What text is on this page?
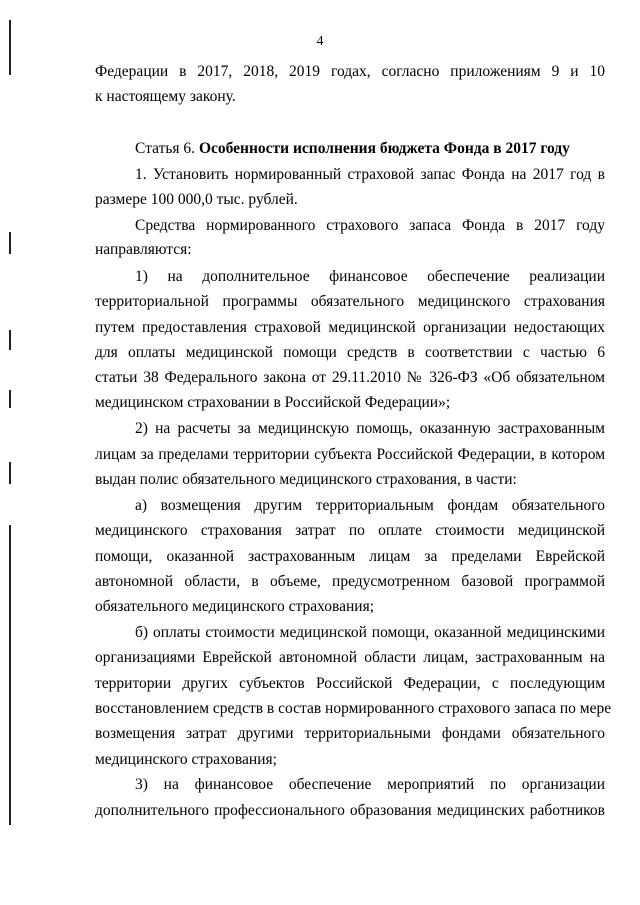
4
Федерации в 2017, 2018, 2019 годах, согласно приложениям 9 и 10
к настоящему закону.
Статья 6. Особенности исполнения бюджета Фонда в 2017 году
1. Установить нормированный страховой запас Фонда на 2017 год в
размере 100 000,0 тыс. рублей.
Средства нормированного страхового запаса Фонда в 2017 году
направляются:
1) на дополнительное финансовое обеспечение реализации
территориальной программы обязательного медицинского страхования
путем предоставления страховой медицинской организации недостающих
для оплаты медицинской помощи средств в соответствии с частью 6
статьи 38 Федерального закона от 29.11.2010 № 326-ФЗ «Об обязательном
медицинском страховании в Российской Федерации»;
2) на расчеты за медицинскую помощь, оказанную застрахованным
лицам за пределами территории субъекта Российской Федерации, в котором
выдан полис обязательного медицинского страхования, в части:
а) возмещения другим территориальным фондам обязательного
медицинского страхования затрат по оплате стоимости медицинской
помощи, оказанной застрахованным лицам за пределами Еврейской
автономной области, в объеме, предусмотренном базовой программой
обязательного медицинского страхования;
б) оплаты стоимости медицинской помощи, оказанной медицинскими
организациями Еврейской автономной области лицам, застрахованным на
территории других субъектов Российской Федерации, с последующим
восстановлением средств в состав нормированного страхового запаса по мере
возмещения затрат другими территориальными фондами обязательного
медицинского страхования;
3) на финансовое обеспечение мероприятий по организации
дополнительного профессионального образования медицинских работников
